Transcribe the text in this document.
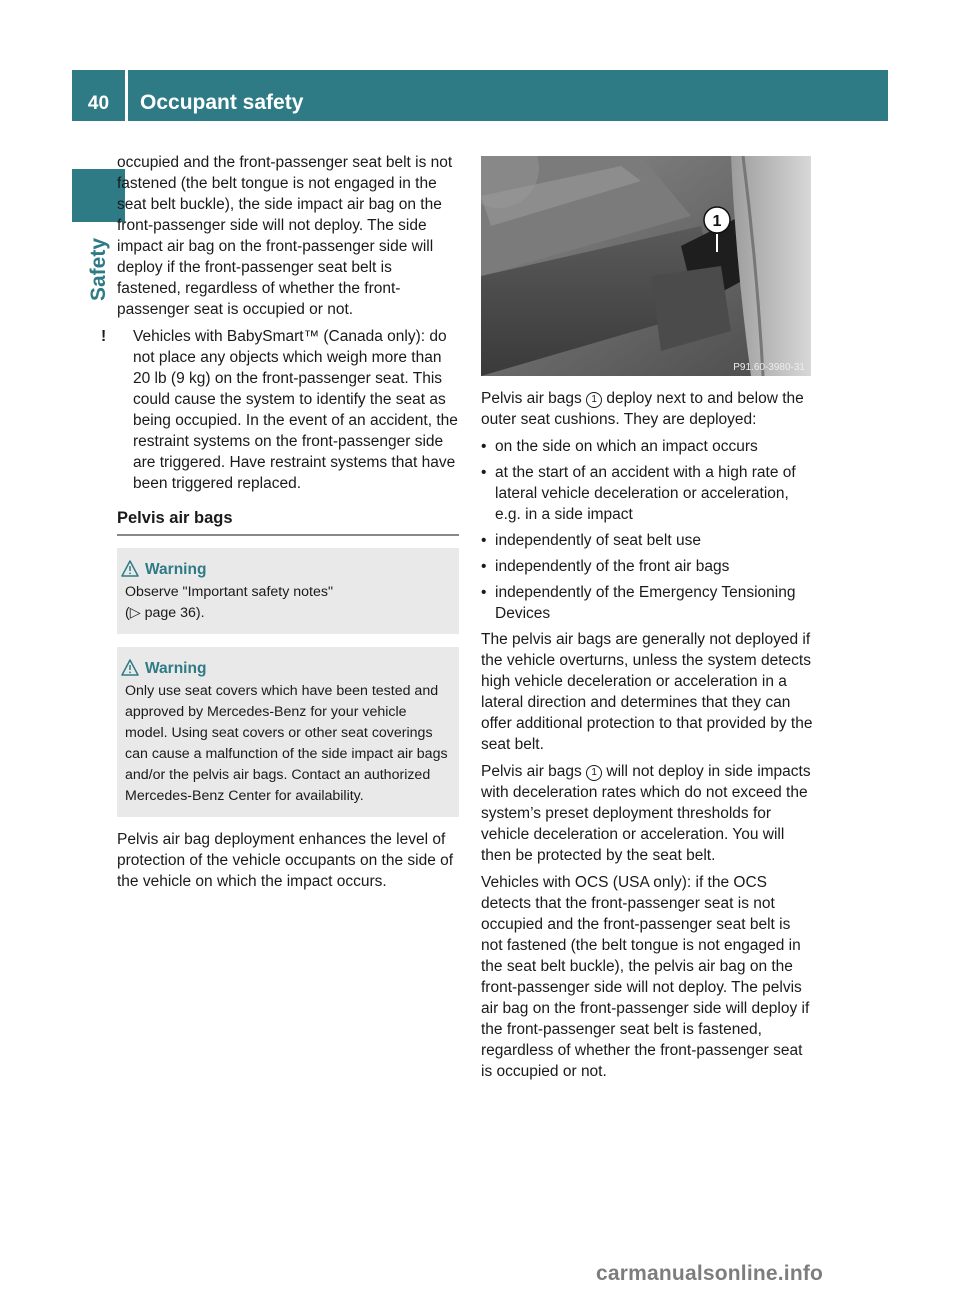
40	Occupant safety
Safety

occupied and the front-passenger seat belt is not fastened (the belt tongue is not engaged in the seat belt buckle), the side impact air bag on the front-passenger side will not deploy. The side impact air bag on the front-passenger side will deploy if the front-passenger seat belt is fastened, regardless of whether the front-passenger seat is occupied or not.

! Vehicles with BabySmart™ (Canada only): do not place any objects which weigh more than 20 lb (9 kg) on the front-passenger seat. This could cause the system to identify the seat as being occupied. In the event of an accident, the restraint systems on the front-passenger side are triggered. Have restraint systems that have been triggered replaced.

Pelvis air bags
Warning
Observe "Important safety notes"
(▷ page 36).
Warning
Only use seat covers which have been tested and approved by Mercedes-Benz for your vehicle model. Using seat covers or other seat coverings can cause a malfunction of the side impact air bags and/or the pelvis air bags. Contact an authorized Mercedes-Benz Center for availability.

Pelvis air bag deployment enhances the level of protection of the vehicle occupants on the side of the vehicle on which the impact occurs.

1
P91.60-3980-31

Pelvis air bags 1 deploy next to and below the outer seat cushions. They are deployed:

• on the side on which an impact occurs

• at the start of an accident with a high rate of lateral vehicle deceleration or acceleration, e.g. in a side impact

• independently of seat belt use

• independently of the front air bags

• independently of the Emergency Tensioning Devices

The pelvis air bags are generally not deployed if the vehicle overturns, unless the system detects high vehicle deceleration or acceleration in a lateral direction and determines that they can offer additional protection to that provided by the seat belt.

Pelvis air bags 1 will not deploy in side impacts with deceleration rates which do not exceed the system’s preset deployment thresholds for vehicle deceleration or acceleration. You will then be protected by the seat belt.

Vehicles with OCS (USA only): if the OCS detects that the front-passenger seat is not occupied and the front-passenger seat belt is not fastened (the belt tongue is not engaged in the seat belt buckle), the pelvis air bag on the front-passenger side will not deploy. The pelvis air bag on the front-passenger side will deploy if the front-passenger seat belt is fastened, regardless of whether the front-passenger seat is occupied or not.

carmanualsonline.info
